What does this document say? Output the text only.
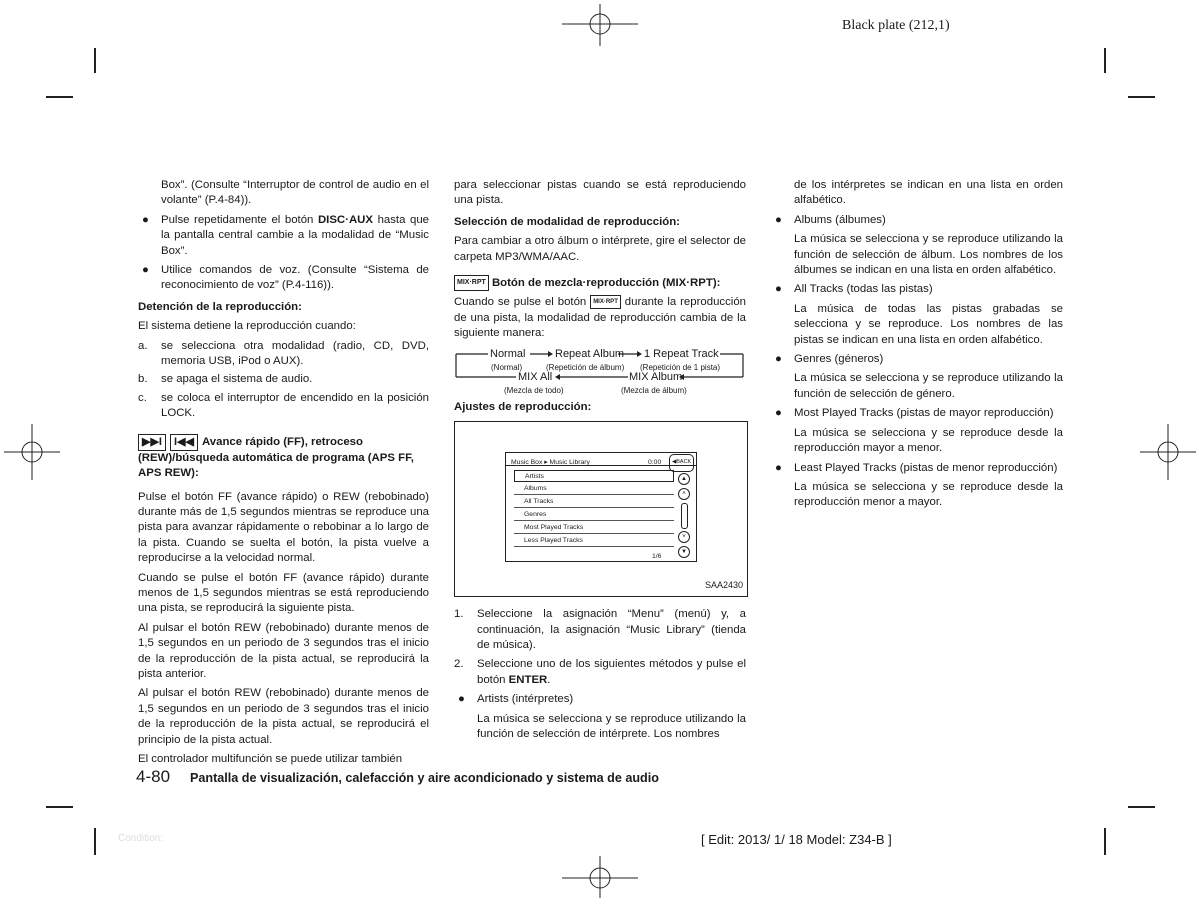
Black plate (212,1)

Box”. (Consulte “Interruptor de control de audio en el volante” (P.4-84)).

● Pulse repetidamente el botón DISC·AUX hasta que la pantalla central cambie a la modalidad de “Music Box”.
● Utilice comandos de voz. (Consulte “Sistema de reconocimiento de voz” (P.4-116)).
Detención de la reproducción:

El sistema detiene la reproducción cuando:

a. se selecciona otra modalidad (radio, CD, DVD, memoria USB, iPod o AUX).
b. se apaga el sistema de audio.
c. se coloca el interruptor de encendido en la posición LOCK.
▶▶I I◀◀ Avance rápido (FF), retroceso (REW)/búsqueda automática de programa (APS FF, APS REW):

Pulse el botón FF (avance rápido) o REW (rebobinado) durante más de 1,5 segundos mientras se reproduce una pista para avanzar rápidamente o rebobinar a lo largo de la pista. Cuando se suelta el botón, la pista vuelve a reproducirse a la velocidad normal.

Cuando se pulse el botón FF (avance rápido) durante menos de 1,5 segundos mientras se está reproduciendo una pista, se reproducirá la siguiente pista.

Al pulsar el botón REW (rebobinado) durante menos de 1,5 segundos en un periodo de 3 segundos tras el inicio de la reproducción de la pista actual, se reproducirá la pista anterior.

Al pulsar el botón REW (rebobinado) durante menos de 1,5 segundos en un periodo de 3 segundos tras el inicio de la reproducción de la pista actual, se reproducirá el principio de la pista actual.

El controlador multifunción se puede utilizar también

para seleccionar pistas cuando se está reproduciendo una pista.

Selección de modalidad de reproducción:

Para cambiar a otro álbum o intérprete, gire el selector de carpeta MP3/WMA/AAC.

MIX·RPT Botón de mezcla·reproducción (MIX·RPT):

Cuando se pulse el botón MIX·RPT durante la reproducción de una pista, la modalidad de reproducción cambia de la siguiente manera:

Normal
(Normal)
Repeat Album
(Repetición de álbum)
1 Repeat Track
(Repetición de 1 pista)
MIX All
(Mezcla de todo)
MIX Album
(Mezcla de álbum)
Ajustes de reproducción:
Music Box ▸ Music Library	0:00	◀BACK
Artists
Albums
All Tracks
Genres
Most Played Tracks
Less Played Tracks
1/6
▲
˄
˅
▼
SAA2430
1. Seleccione la asignación “Menu” (menú) y, a continuación, la asignación “Music Library” (tienda de música).
2. Seleccione uno de los siguientes métodos y pulse el botón ENTER.
● Artists (intérpretes)

La música se selecciona y se reproduce utilizando la función de selección de intérprete. Los nombres

de los intérpretes se indican en una lista en orden alfabético.

● Albums (álbumes)

La música se selecciona y se reproduce utilizando la función de selección de álbum. Los nombres de los álbumes se indican en una lista en orden alfabético.

● All Tracks (todas las pistas)

La música de todas las pistas grabadas se selecciona y se reproduce. Los nombres de las pistas se indican en una lista en orden alfabético.

● Genres (géneros)

La música se selecciona y se reproduce utilizando la función de selección de género.

● Most Played Tracks (pistas de mayor reproducción)

La música se selecciona y se reproduce desde la reproducción mayor a menor.

● Least Played Tracks (pistas de menor reproducción)

La música se selecciona y se reproduce desde la reproducción menor a mayor.

4-80 Pantalla de visualización, calefacción y aire acondicionado y sistema de audio
Condition:	[ Edit: 2013/ 1/ 18 Model: Z34-B ]
